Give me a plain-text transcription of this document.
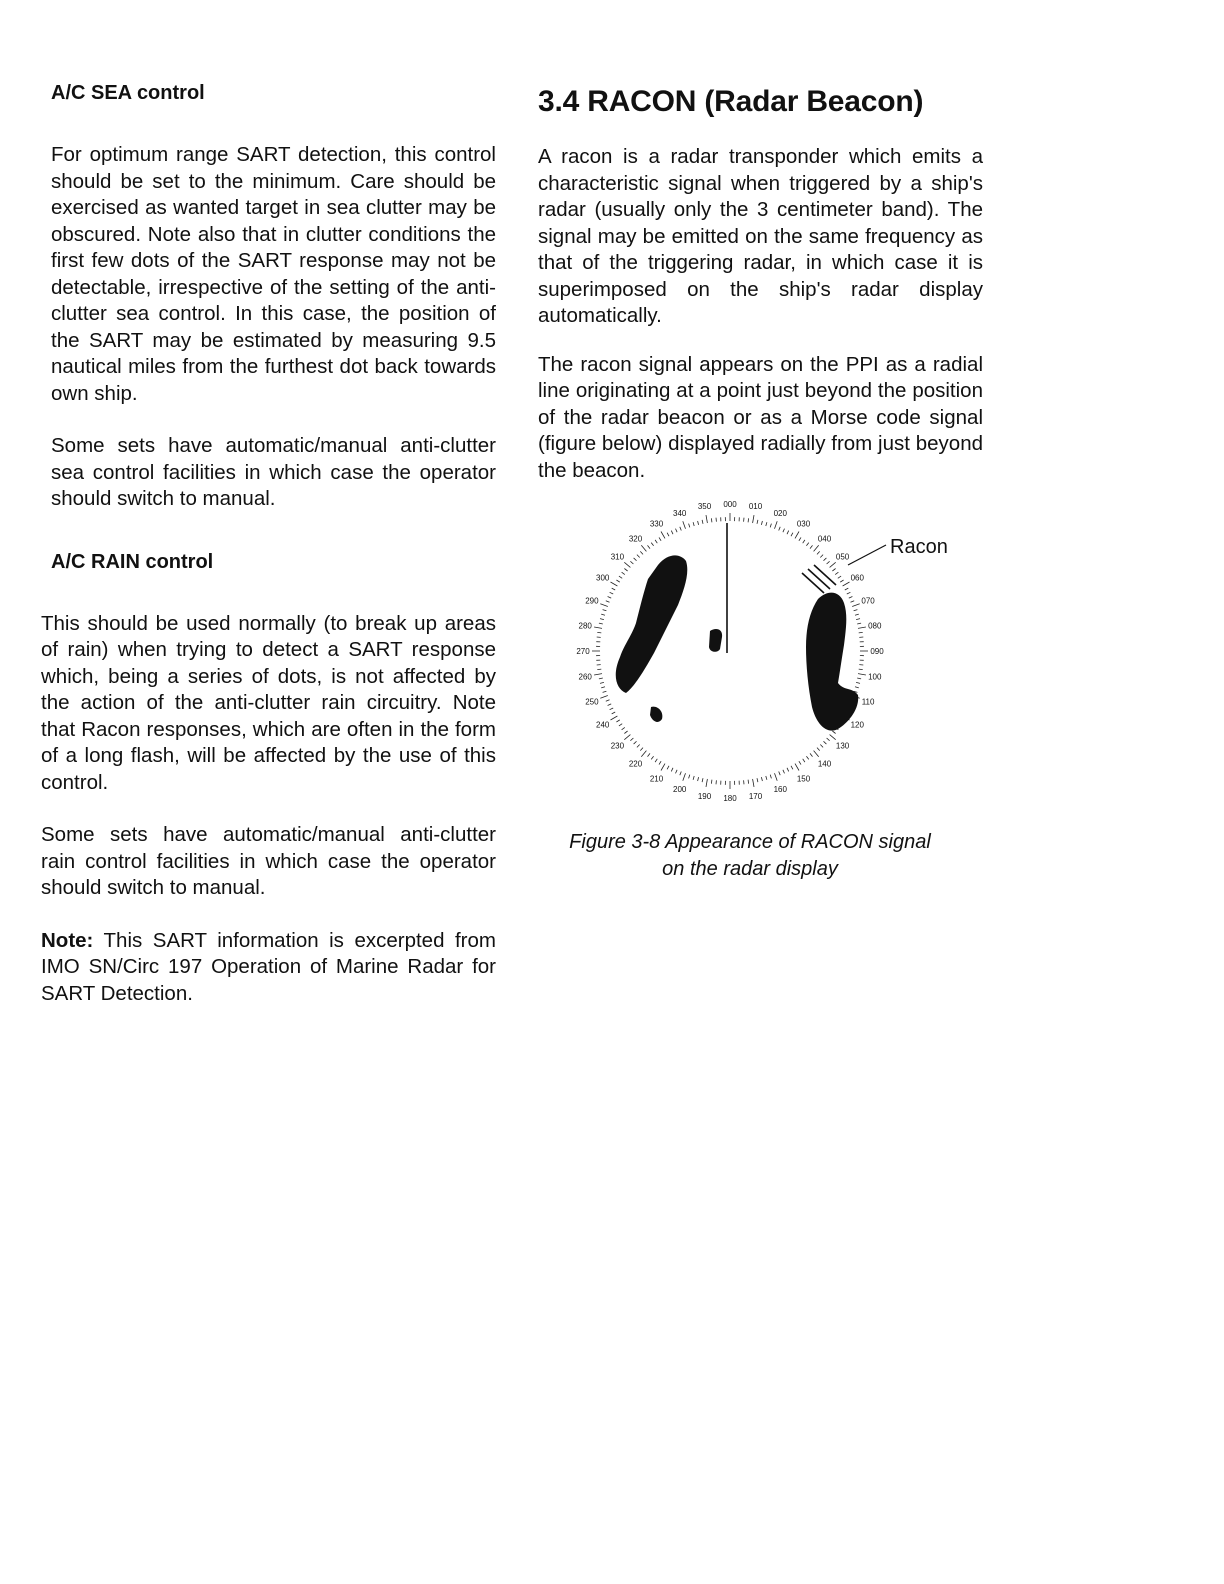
A/C SEA control

For optimum range SART detection, this control should be set to the minimum. Care should be exercised as wanted target in sea clutter may be obscured. Note also that in clutter conditions the first few dots of the SART response may not be detectable, irrespective of the setting of the anti-clutter sea control. In this case, the position of the SART may be estimated by measuring 9.5 nautical miles from the furthest dot back towards own ship.

Some sets have automatic/manual anti-clutter sea control facilities in which case the operator should switch to manual.

A/C RAIN control

This should be used normally (to break up areas of rain) when trying to detect a SART response which, being a series of dots, is not affected by the action of the anti-clutter rain circuitry. Note that Racon responses, which are often in the form of a long flash, will be affected by the use of this control.

Some sets have automatic/manual anti-clutter rain control facilities in which case the operator should switch to manual.

Note: This SART information is excerpted from IMO SN/Circ 197 Operation of Marine Radar for SART Detection.

3.4 RACON (Radar Beacon)

A racon is a radar transponder which emits a characteristic signal when triggered by a ship's radar (usually only the 3 centimeter band). The signal may be emitted on the same frequency as that of the triggering radar, in which case it is superimposed on the ship's radar display automatically.

The racon signal appears on the PPI as a radial line originating at a point just beyond the position of the radar beacon or as a Morse code signal (figure below) displayed radially from just beyond the beacon.

000 010
020
030
040
050
060
070
080
090
100
110
120
130
140
150
160
170
180
190
200
210
220
230
240
250
260
270
280
290
300
310
320
330
340
350
Racon
Figure 3-8 Appearance of RACON signal
on the radar display
